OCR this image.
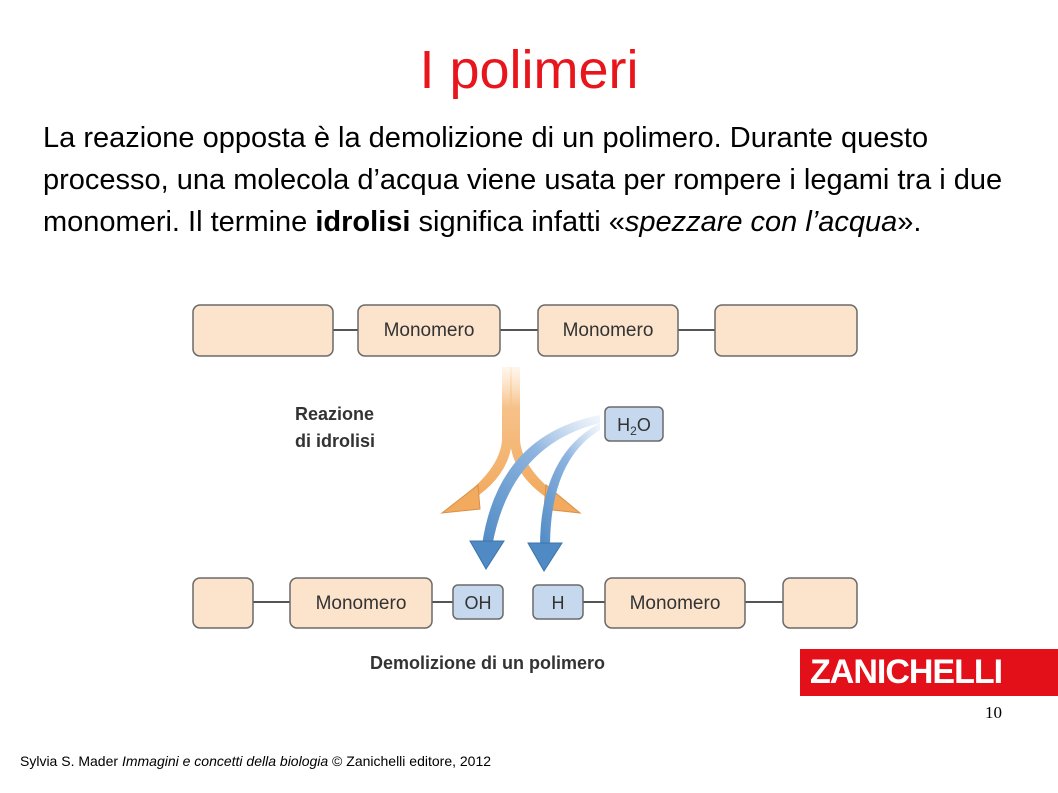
I polimeri
La reazione opposta è la demolizione di un polimero. Durante questo processo, una molecola d’acqua viene usata per rompere i legami tra i due monomeri. Il termine idrolisi significa infatti «spezzare con l’acqua».
Monomero	Monomero
Reazione
di idrolisi
$H_2O$
Monomero	OH	H	Monomero
Demolizione di un polimero	ZANICHELLI
10
Sylvia S. Mader Immagini e concetti della biologia © Zanichelli editore, 2012
